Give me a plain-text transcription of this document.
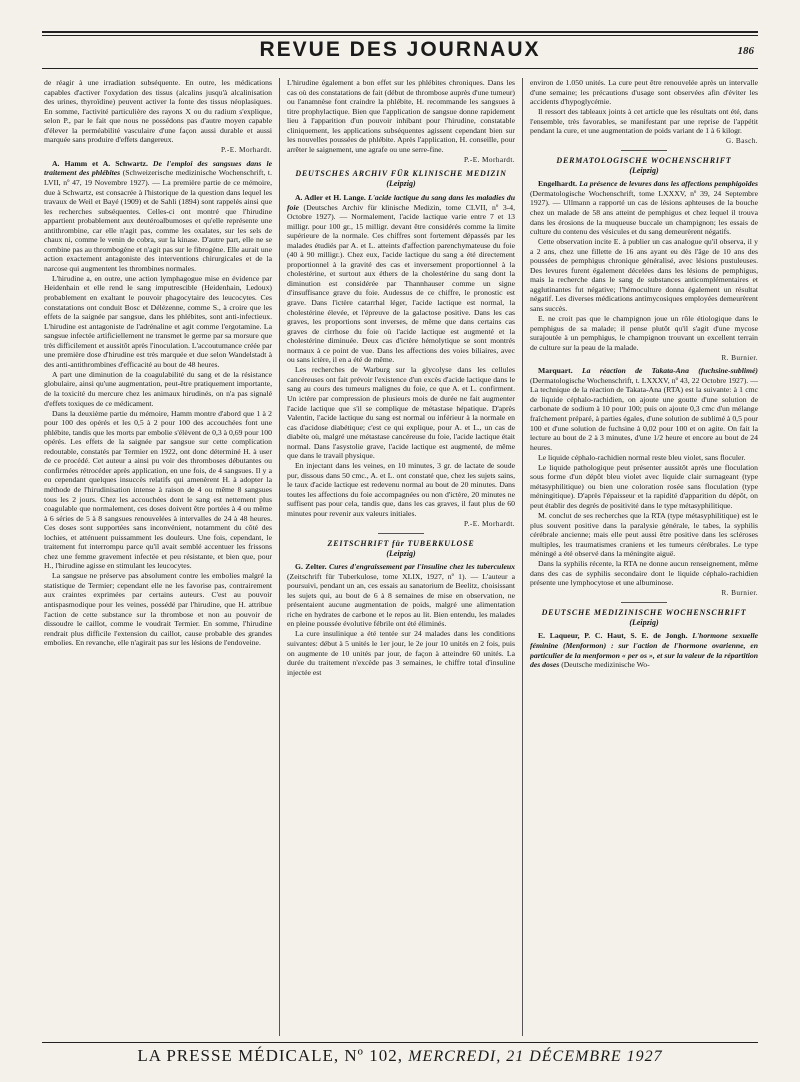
REVUE DES JOURNAUX	186

de réagir à une irradiation subséquente. En outre, les médications capables d'activer l'oxydation des tissus (alcalins jusqu'à alcalinisation des urines, thyroïdine) peuvent activer la fonte des tissus néoplasiques. En somme, l'activité particulière des rayons X ou du radium s'explique, selon P., par le fait que nous ne possédons pas d'autre moyen capable d'élever la perméabilité vasculaire d'une façon aussi durable et aussi marquée sans produire d'effets dangereux.

P.-E. Morhardt.

A. Hamm et A. Schwartz. De l'emploi des sangsues dans le traitement des phlébites (Schweizerische medizinische Wochenschrift, t. LVII, nº 47, 19 Novembre 1927). — La première partie de ce mémoire, due à Schwartz, est consacrée à l'historique de la question dans lequel les travaux de Weil et Bayé (1909) et de Sahli (1894) sont rappelés ainsi que les recherches subséquentes. Celles-ci ont montré que l'hirudine appartient probablement aux deutéroalbumoses et qu'elle représente une antithrombine, car elle n'agit pas, comme les oxalates, sur les sels de chaux ni, comme le venin de cobra, sur la kinase. D'autre part, elle ne se combine pas au thrombogène et n'agit pas sur le fibrogène. Elle aurait une action exactement antagoniste des interventions chirurgicales et de la narcose qui augmentent les thrombines normales.

L'hirudine a, en outre, une action lymphagogue mise en évidence par Heidenhain et elle rend le sang imputrescible (Heidenhain, Ledoux) probablement en exaltant le pouvoir phagocytaire des leucocytes. Ces constatations ont conduit Bosc et Délézenne, comme S., à croire que les effets de la saignée par sangsue, dans les phlébites, sont anti-infectieux. L'hirudine est antagoniste de l'adrénaline et agit comme l'ergotamine. La sangsue infectée artificiellement ne transmet le germe par sa morsure que très difficilement et aussitôt après l'inoculation. L'accoutumance créée par une première dose d'hirudine est très marquée et due selon Wandelstadt à des anti-antithrombines d'efficacité au bout de 48 heures.

A part une diminution de la coagulabilité du sang et de la résistance globulaire, ainsi qu'une augmentation, peut-être pratiquement importante, de la toxicité du mercure chez les animaux hirudinés, on n'a pas signalé d'effets toxiques de ce médicament.

Dans la deuxième partie du mémoire, Hamm montre d'abord que 1 à 2 pour 100 des opérés et les 0,5 à 2 pour 100 des accouchées font une phlébite, tandis que les morts par embolie s'élèvent de 0,3 à 0,69 pour 100 opérés. Les effets de la saignée par sangsue sur cette complication redoutable, constatés par Termier en 1922, ont donc déterminé H. à user de ce procédé. Cet auteur a ainsi pu voir des thromboses débutantes ou confirmées rétrocéder après application, en une fois, de 4 sangsues. Il y a eu cependant quelques insuccès relatifs qui amenèrent H. à adopter la méthode de l'hirudinisation intense à raison de 4 ou même 8 sangsues tous les 2 jours. Chez les accouchées dont le sang est nettement plus coagulable que normalement, ces doses doivent être portées à 4 ou même à 6 séries de 5 à 8 sangsues renouvelées à intervalles de 24 à 48 heures. Ces doses sont supportées sans inconvénient, notamment du côté des lochies, et atténuent puissamment les douleurs. Une fois, cependant, le traitement fut interrompu parce qu'il avait semblé accentuer les frissons chez une femme gravement infectée et peu résistante, et bien que, pour H., l'hirudine agisse en stimulant les leucocytes.

La sangsue ne préserve pas absolument contre les embolies malgré la statistique de Termier; cependant elle ne les favorise pas, contrairement aux craintes exprimées par certains auteurs. C'est au pouvoir antispasmodique pour les veines, possédé par l'hirudine, que H. attribue l'action de cette substance sur la thrombose et non au pouvoir de dissoudre le caillot, comme le voudrait Termier. En somme, l'hirudine rendrait plus difficile l'extension du caillot, cause probable des grandes embolies. En revanche, elle n'agirait pas sur les lésions de l'endoveine.

L'hirudine également a bon effet sur les phlébites chroniques. Dans les cas où des constatations de fait (début de thrombose auprès d'une tumeur) ou l'anamnèse font craindre la phlébite, H. recommande les sangsues à titre prophylactique. Bien que l'application de sangsue donne rapidement lieu à l'apparition d'un pouvoir inhibant pour l'hirudine, constatable cliniquement, les applications subséquentes agissent cependant bien sur les nouvelles poussées de phlébite. Après l'application, H. conseille, pour arrêter le saignement, une agrafe ou une serre-fine.

P.-E. Morhardt.
DEUTSCHES ARCHIV FÜR KLINISCHE MEDIZIN
(Leipzig)

A. Adler et H. Lange. L'acide lactique du sang dans les maladies du foie (Deutsches Archiv für klinische Medizin, tome CLVII, nº 3-4, Octobre 1927). — Normalement, l'acide lactique varie entre 7 et 13 milligr. pour 100 gr., 15 milligr. devant être considérés comme la limite supérieure de la normale. Ces chiffres sont fortement dépassés par les malades étudiés par A. et L. atteints d'affection parenchymateuse du foie (40 à 90 milligr.). Chez eux, l'acide lactique du sang a été directement proportionnel à la gravité des cas et inversement proportionnel à la cholestérine, et surtout aux éthers de la cholestérine du sang dont la diminution est considérée par Thannhauser comme un signe d'insuffisance grave du foie. Audessus de ce chiffre, le pronostic est grave. Dans l'ictère catarrhal léger, l'acide lactique est normal, la cholestérine élevée, et l'épreuve de la galactose positive. Dans les cas graves, les proportions sont inverses, de même que dans certains cas graves de cirrhose du foie où l'acide lactique est augmenté et la cholestérine diminuée. Deux cas d'ictère hémolytique se sont montrés normaux à ce point de vue. Dans les affections des voies biliaires, avec ou sans ictère, il en a été de même.

Les recherches de Warburg sur la glycolyse dans les cellules cancéreuses ont fait prévoir l'existence d'un excès d'acide lactique dans le sang au cours des tumeurs malignes du foie, ce que A. et L. confirment. Un ictère par compression de plusieurs mois de durée ne fait augmenter l'acide lactique que s'il se complique de métastase hépatique. D'après Valentin, l'acide lactique du sang est normal ou inférieur à la normale en cas d'acidose diabétique; c'est ce qui explique, pour A. et L., un cas de diabète où, malgré une métastase cancéreuse du foie, l'acide lactique était normal. Dans l'asystolie grave, l'acide lactique est augmenté, de même que dans le travail physique.

En injectant dans les veines, en 10 minutes, 3 gr. de lactate de soude pur, dissous dans 50 cmc., A. et L. ont constaté que, chez les sujets sains, le taux d'acide lactique est redevenu normal au bout de 20 minutes. Dans toutes les affections du foie accompagnées ou non d'ictère, 20 minutes ne suffisent pas pour cela, tandis que, dans les cas graves, il faut plus de 60 minutes pour revenir aux valeurs initiales.

P.-E. Morhardt.
ZEITSCHRIFT für TUBERKULOSE
(Leipzig)

G. Zelter. Cures d'engraissement par l'insuline chez les tuberculeux (Zeitschrift für Tuberkulose, tome XLIX, 1927, nº 1). — L'auteur a poursuivi, pendant un an, ces essais au sanatorium de Beelitz, choisissant les sujets qui, au bout de 6 à 8 semaines de mise en observation, ne présentaient aucune augmentation de poids, malgré une alimentation riche en hydrates de carbone et le repos au lit. Bien entendu, les malades en pleine poussée évolutive fébrile ont été éliminés.

La cure insulinique a été tentée sur 24 malades dans les conditions suivantes: début à 5 unités le 1er jour, le 2e jour 10 unités en 2 fois, puis on augmente de 10 unités par jour, de façon à atteindre 60 unités. La durée du traitement n'excède pas 3 semaines, le chiffre total d'insuline injectée est

environ de 1.050 unités. La cure peut être renouvelée après un intervalle d'une semaine; les précautions d'usage sont observées afin d'éviter les accidents d'hypoglycémie.

Il ressort des tableaux joints à cet article que les résultats ont été, dans l'ensemble, très favorables, se manifestant par une reprise de l'appétit pendant la cure, et une augmentation de poids variant de 1 à 6 kilogr.

G. Basch.
DERMATOLOGISCHE WOCHENSCHRIFT
(Leipzig)

Engelhardt. La présence de levures dans les affections pemphigoïdes (Dermatologische Wochenschrift, tome LXXXV, nº 39, 24 Septembre 1927). — Ullmann a rapporté un cas de lésions aphteuses de la bouche chez un malade de 58 ans atteint de pemphigus et chez lequel il trouva dans les érosions de la muqueuse buccale un champignon; les essais de culture du contenu des vésicules et du sang demeurèrent négatifs.

Cette observation incite E. à publier un cas analogue qu'il observa, il y a 2 ans, chez une fillette de 16 ans ayant eu dès l'âge de 10 ans des poussées de pemphigus chronique généralisé, avec lésions pustuleuses. Des levures furent également décelées dans les lésions de pemphigus, mais la recherche dans le sang de substances anticomplémentaires et agglutinantes fut négative; l'hémoculture donna également un résultat négatif. Les diverses médications antimycosiques employées demeurèrent sans succès.

E. ne croit pas que le champignon joue un rôle étiologique dans le pemphigus de sa malade; il pense plutôt qu'il s'agit d'une mycose surajoutée à un pemphigus, le champignon trouvant un excellent terrain de culture sur la peau de la malade.

R. Burnier.

Marquart. La réaction de Takata-Ana (fuchsine-sublimé) (Dermatologische Wochenschrift, t. LXXXV, nº 43, 22 Octobre 1927). — La technique de la réaction de Takata-Ana (RTA) est la suivante: à 1 cmc de liquide céphalo-rachidien, on ajoute une goutte d'une solution de carbonate de sodium à 10 pour 100; puis on ajoute 0,3 cmc d'un mélange fraîchement préparé, à parties égales, d'une solution de sublimé à 0,5 pour 100 et d'une solution de fuchsine à 0,02 pour 100 et on agite. On fait la lecture au bout de 2 à 3 minutes, d'une 1/2 heure et encore au bout de 24 heures.

Le liquide céphalo-rachidien normal reste bleu violet, sans floculer.

Le liquide pathologique peut présenter aussitôt après une floculation sous forme d'un dépôt bleu violet avec liquide clair surnageant (type métasyphilitique) ou bien une coloration rosée sans floculation (type méningitique). D'après l'épaisseur et la rapidité d'apparition du dépôt, on peut établir des degrés de positivité dans le type métasyphilitique.

M. conclut de ses recherches que la RTA (type métasyphilitique) est le plus souvent positive dans la paralysie générale, le tabes, la syphilis cérébrale ancienne; mais elle peut aussi être positive dans les scléroses multiples, les traumatismes craniens et les tumeurs cérébrales. Le type méningé a été observé dans la méningite aiguë.

Dans la syphilis récente, la RTA ne donne aucun renseignement, même dans des cas de syphilis secondaire dont le liquide céphalo-rachidien présente une lymphocytose et une albuminose.

R. Burnier.
DEUTSCHE MEDIZINISCHE WOCHENSCHRIFT
(Leipzig)

E. Laqueur, P. C. Haut, S. E. de Jongh. L'hormone sexuelle féminine (Menformon) : sur l'action de l'hormone ovarienne, en particulier de la menformon « per os », et sur la valeur de la répartition des doses (Deutsche medizinische Wo-

LA PRESSE MÉDICALE, Nº 102, MERCREDI, 21 DÉCEMBRE 1927
